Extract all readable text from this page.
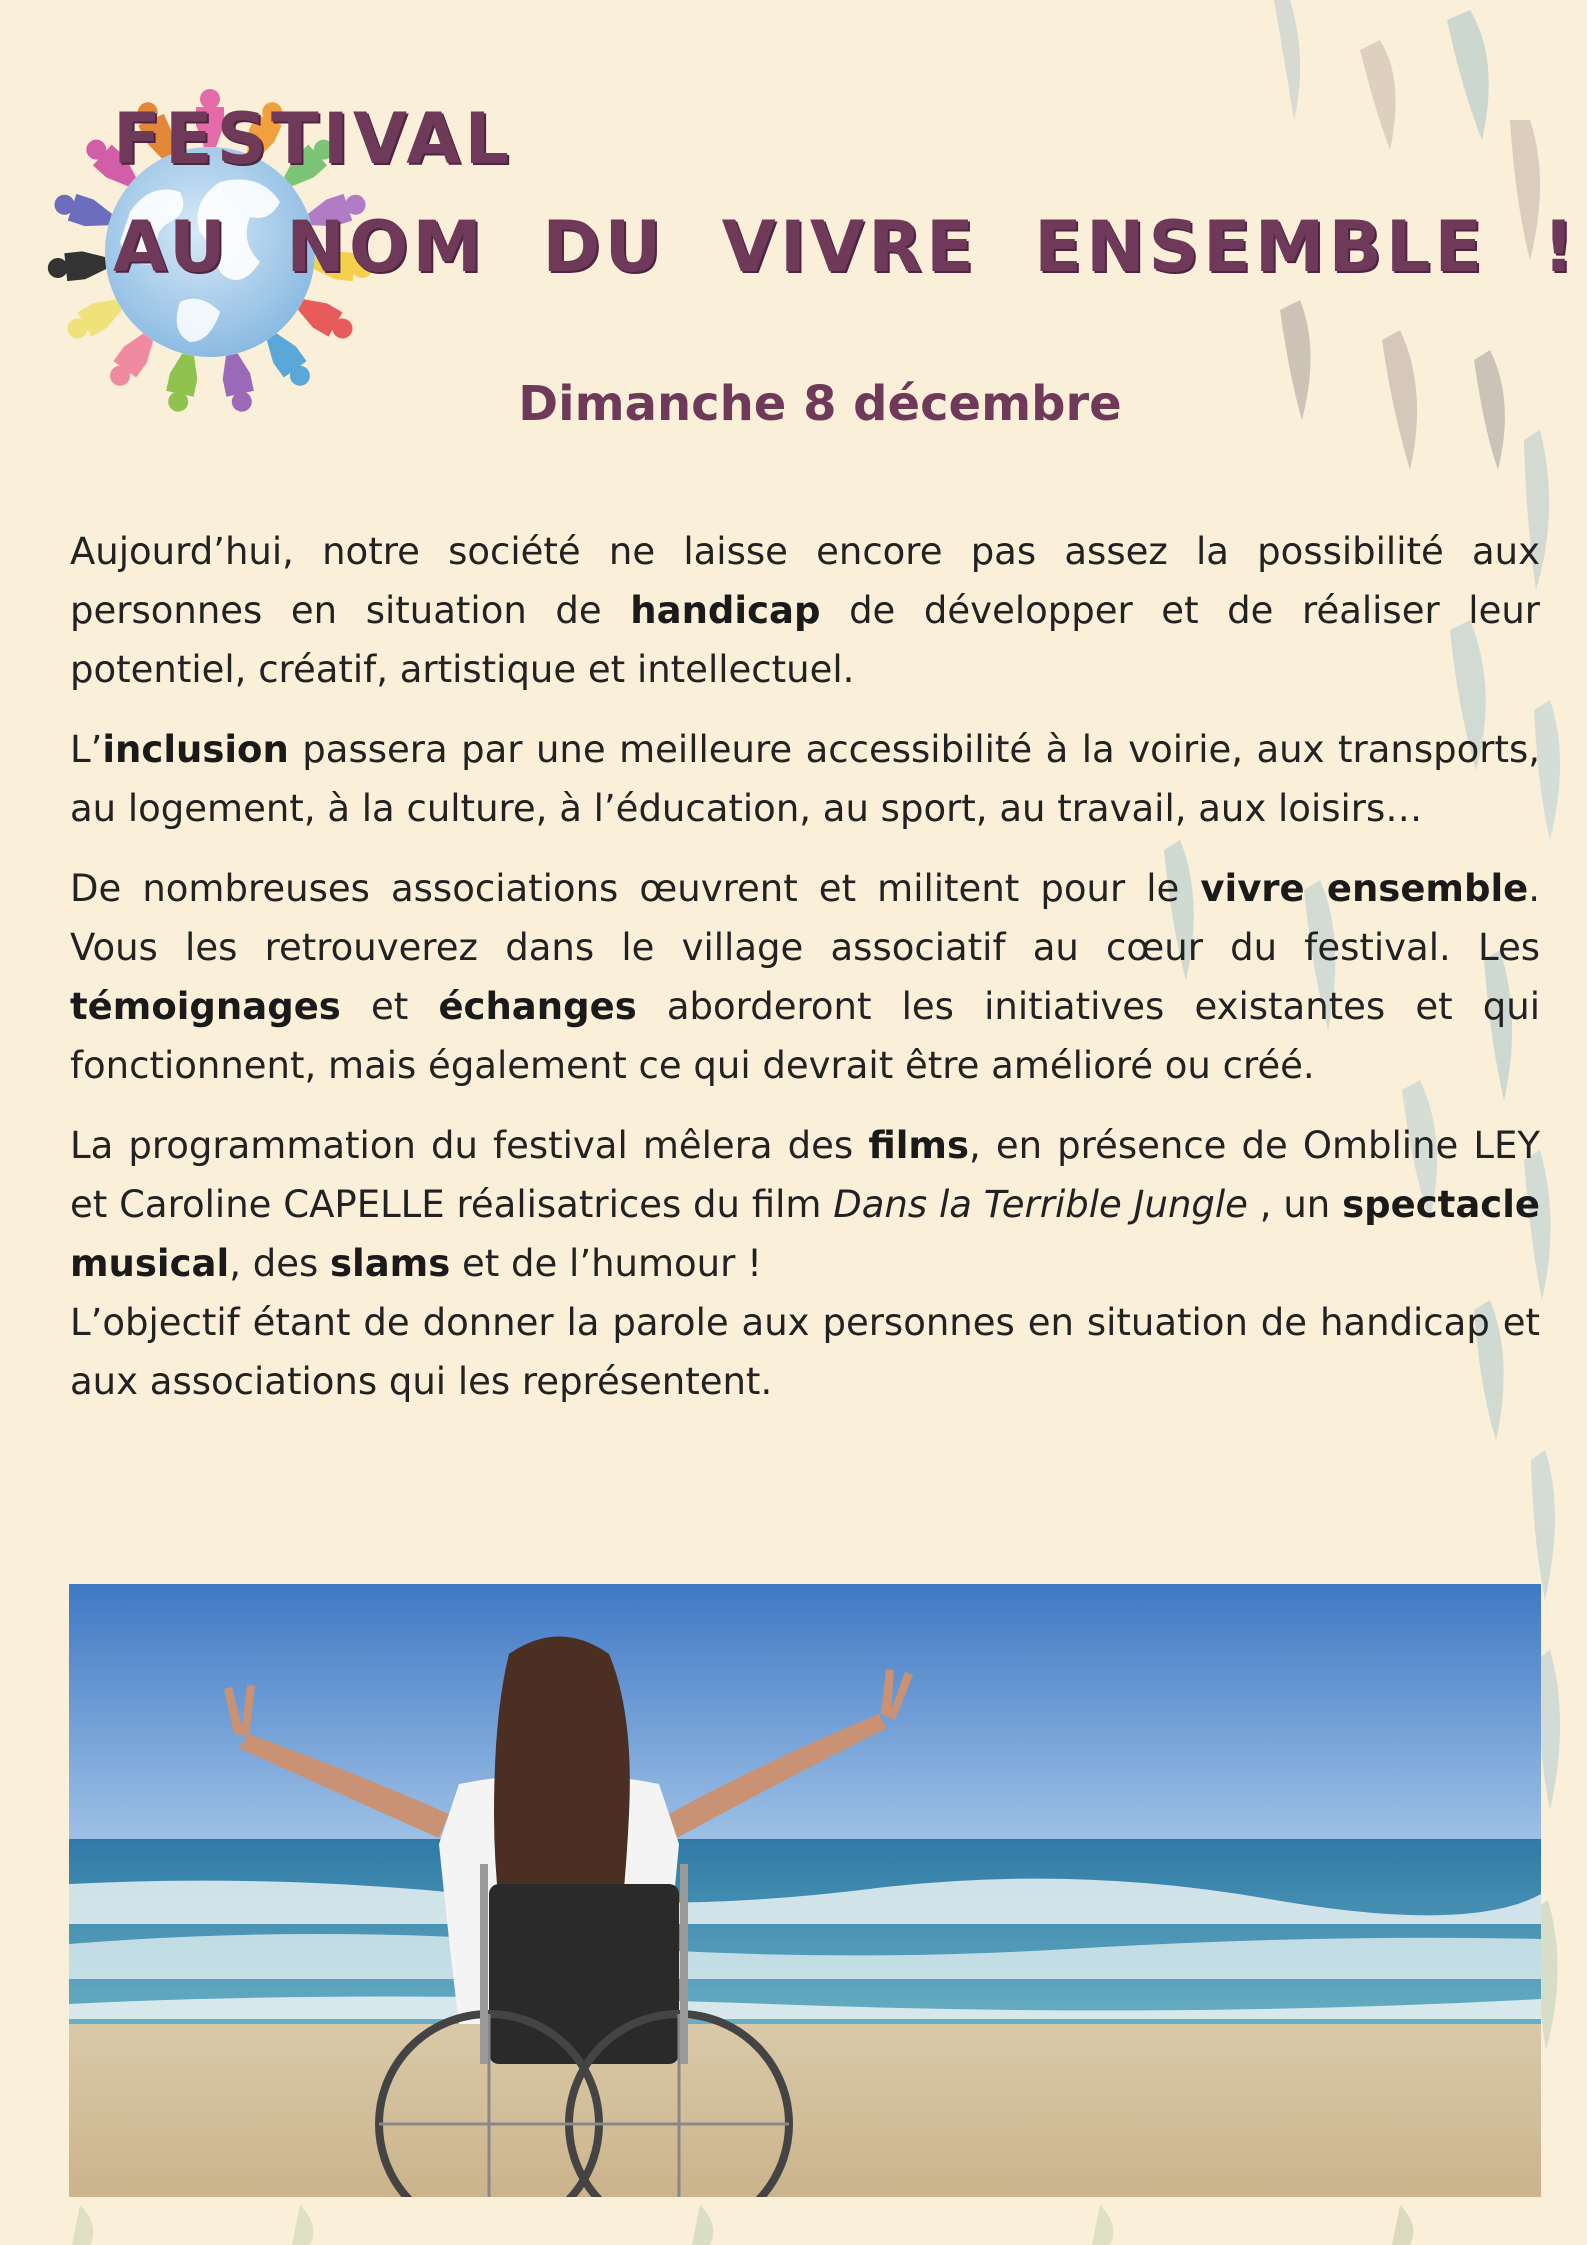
FESTIVAL
AU NOM DU VIVRE ENSEMBLE !

Dimanche 8 décembre

Aujourd’hui, notre société ne laisse encore pas assez la possibilité aux personnes en situation de handicap de développer et de réaliser leur potentiel, créatif, artistique et intellectuel.

L’inclusion passera par une meilleure accessibilité à la voirie, aux transports, au logement, à la culture, à l’éducation, au sport, au travail, aux loisirs…

De nombreuses associations œuvrent et militent pour le vivre ensemble. Vous les retrouverez dans le village associatif au cœur du festival. Les témoignages et échanges aborderont les initiatives existantes et qui fonctionnent, mais également ce qui devrait être amélioré ou créé.

La programmation du festival mêlera des films, en présence de Ombline LEY et Caroline CAPELLE réalisatrices du film Dans la Terrible Jungle , un spectacle musical, des slams et de l’humour !

L’objectif étant de donner la parole aux personnes en situation de handicap et aux associations qui les représentent.
